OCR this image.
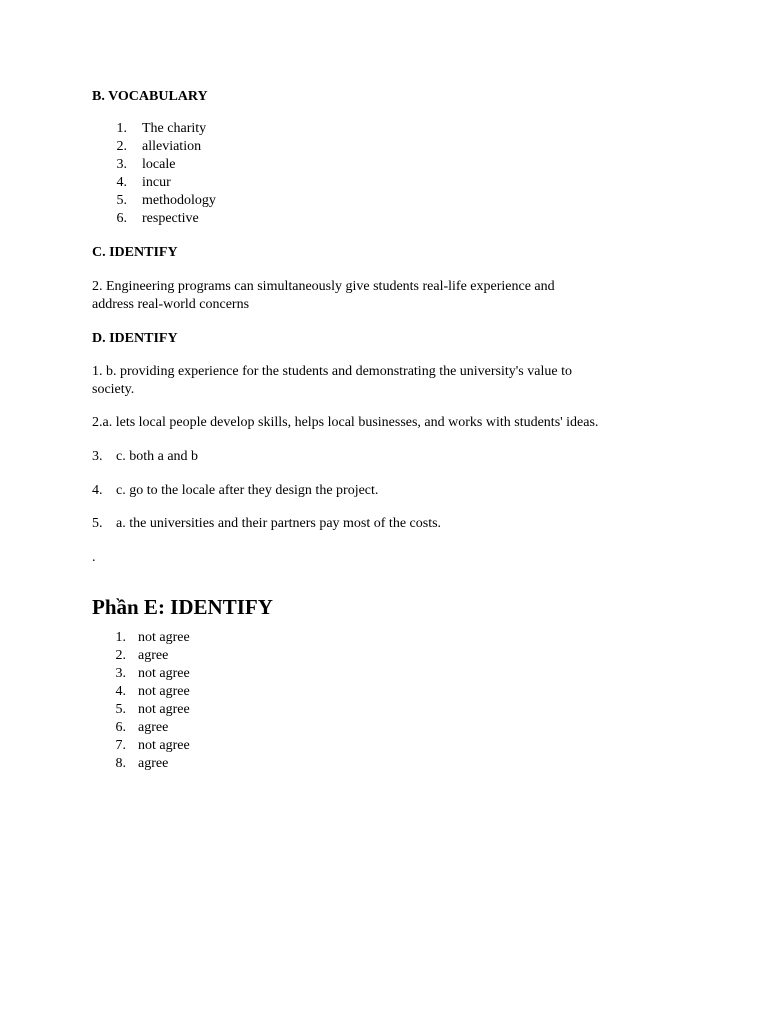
B. VOCABULARY
1. The charity
2. alleviation
3. locale
4. incur
5. methodology
6. respective
C. IDENTIFY
2. Engineering programs can simultaneously give students real-life experience and
address real-world concerns
D. IDENTIFY
1. b. providing experience for the students and demonstrating the university's value to
society.
2.a. lets local people develop skills, helps local businesses, and works with students' ideas.
3. c. both a and b
4. c. go to the locale after they design the project.
5. a. the universities and their partners pay most of the costs.
.
Phần E: IDENTIFY
1. not agree
2. agree
3. not agree
4. not agree
5. not agree
6. agree
7. not agree
8. agree
